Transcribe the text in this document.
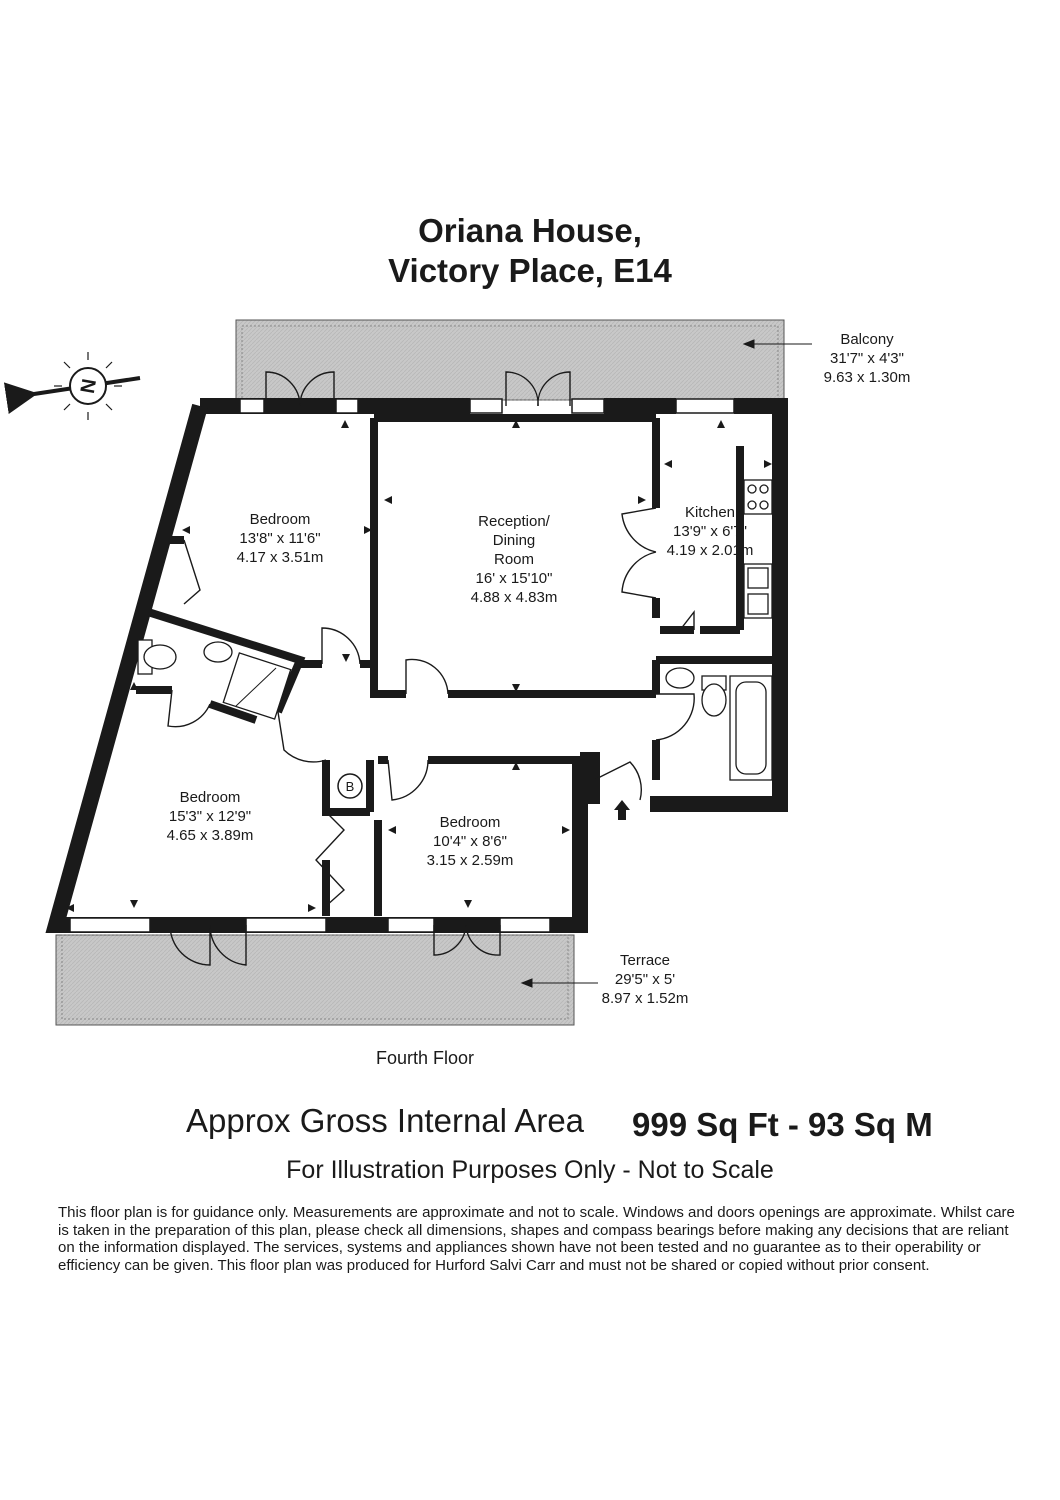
Oriana House,
Victory Place, E14
B
N
Bedroom
13'8" x 11'6"
4.17 x 3.51m
Reception/
Dining
Room
16' x 15'10"
4.88 x 4.83m
Kitchen
13'9" x 6'7"
4.19 x 2.01m
Bedroom
15'3" x 12'9"
4.65 x 3.89m
Bedroom
10'4" x 8'6"
3.15 x 2.59m
Balcony
31'7" x 4'3"
9.63 x 1.30m
Terrace
29'5" x 5'
8.97 x 1.52m
Fourth Floor
Approx Gross Internal Area 999 Sq Ft - 93 Sq M
For Illustration Purposes Only - Not to Scale
This floor plan is for guidance only. Measurements are approximate and not to scale. Windows and doors openings are approximate. Whilst care is taken in the preparation of this plan, please check all dimensions, shapes and compass bearings before making any decisions that are reliant on the information displayed. The services, systems and appliances shown have not been tested and no guarantee as to their operability or efficiency can be given. This floor plan was produced for Hurford Salvi Carr and must not be shared or copied without prior consent.
